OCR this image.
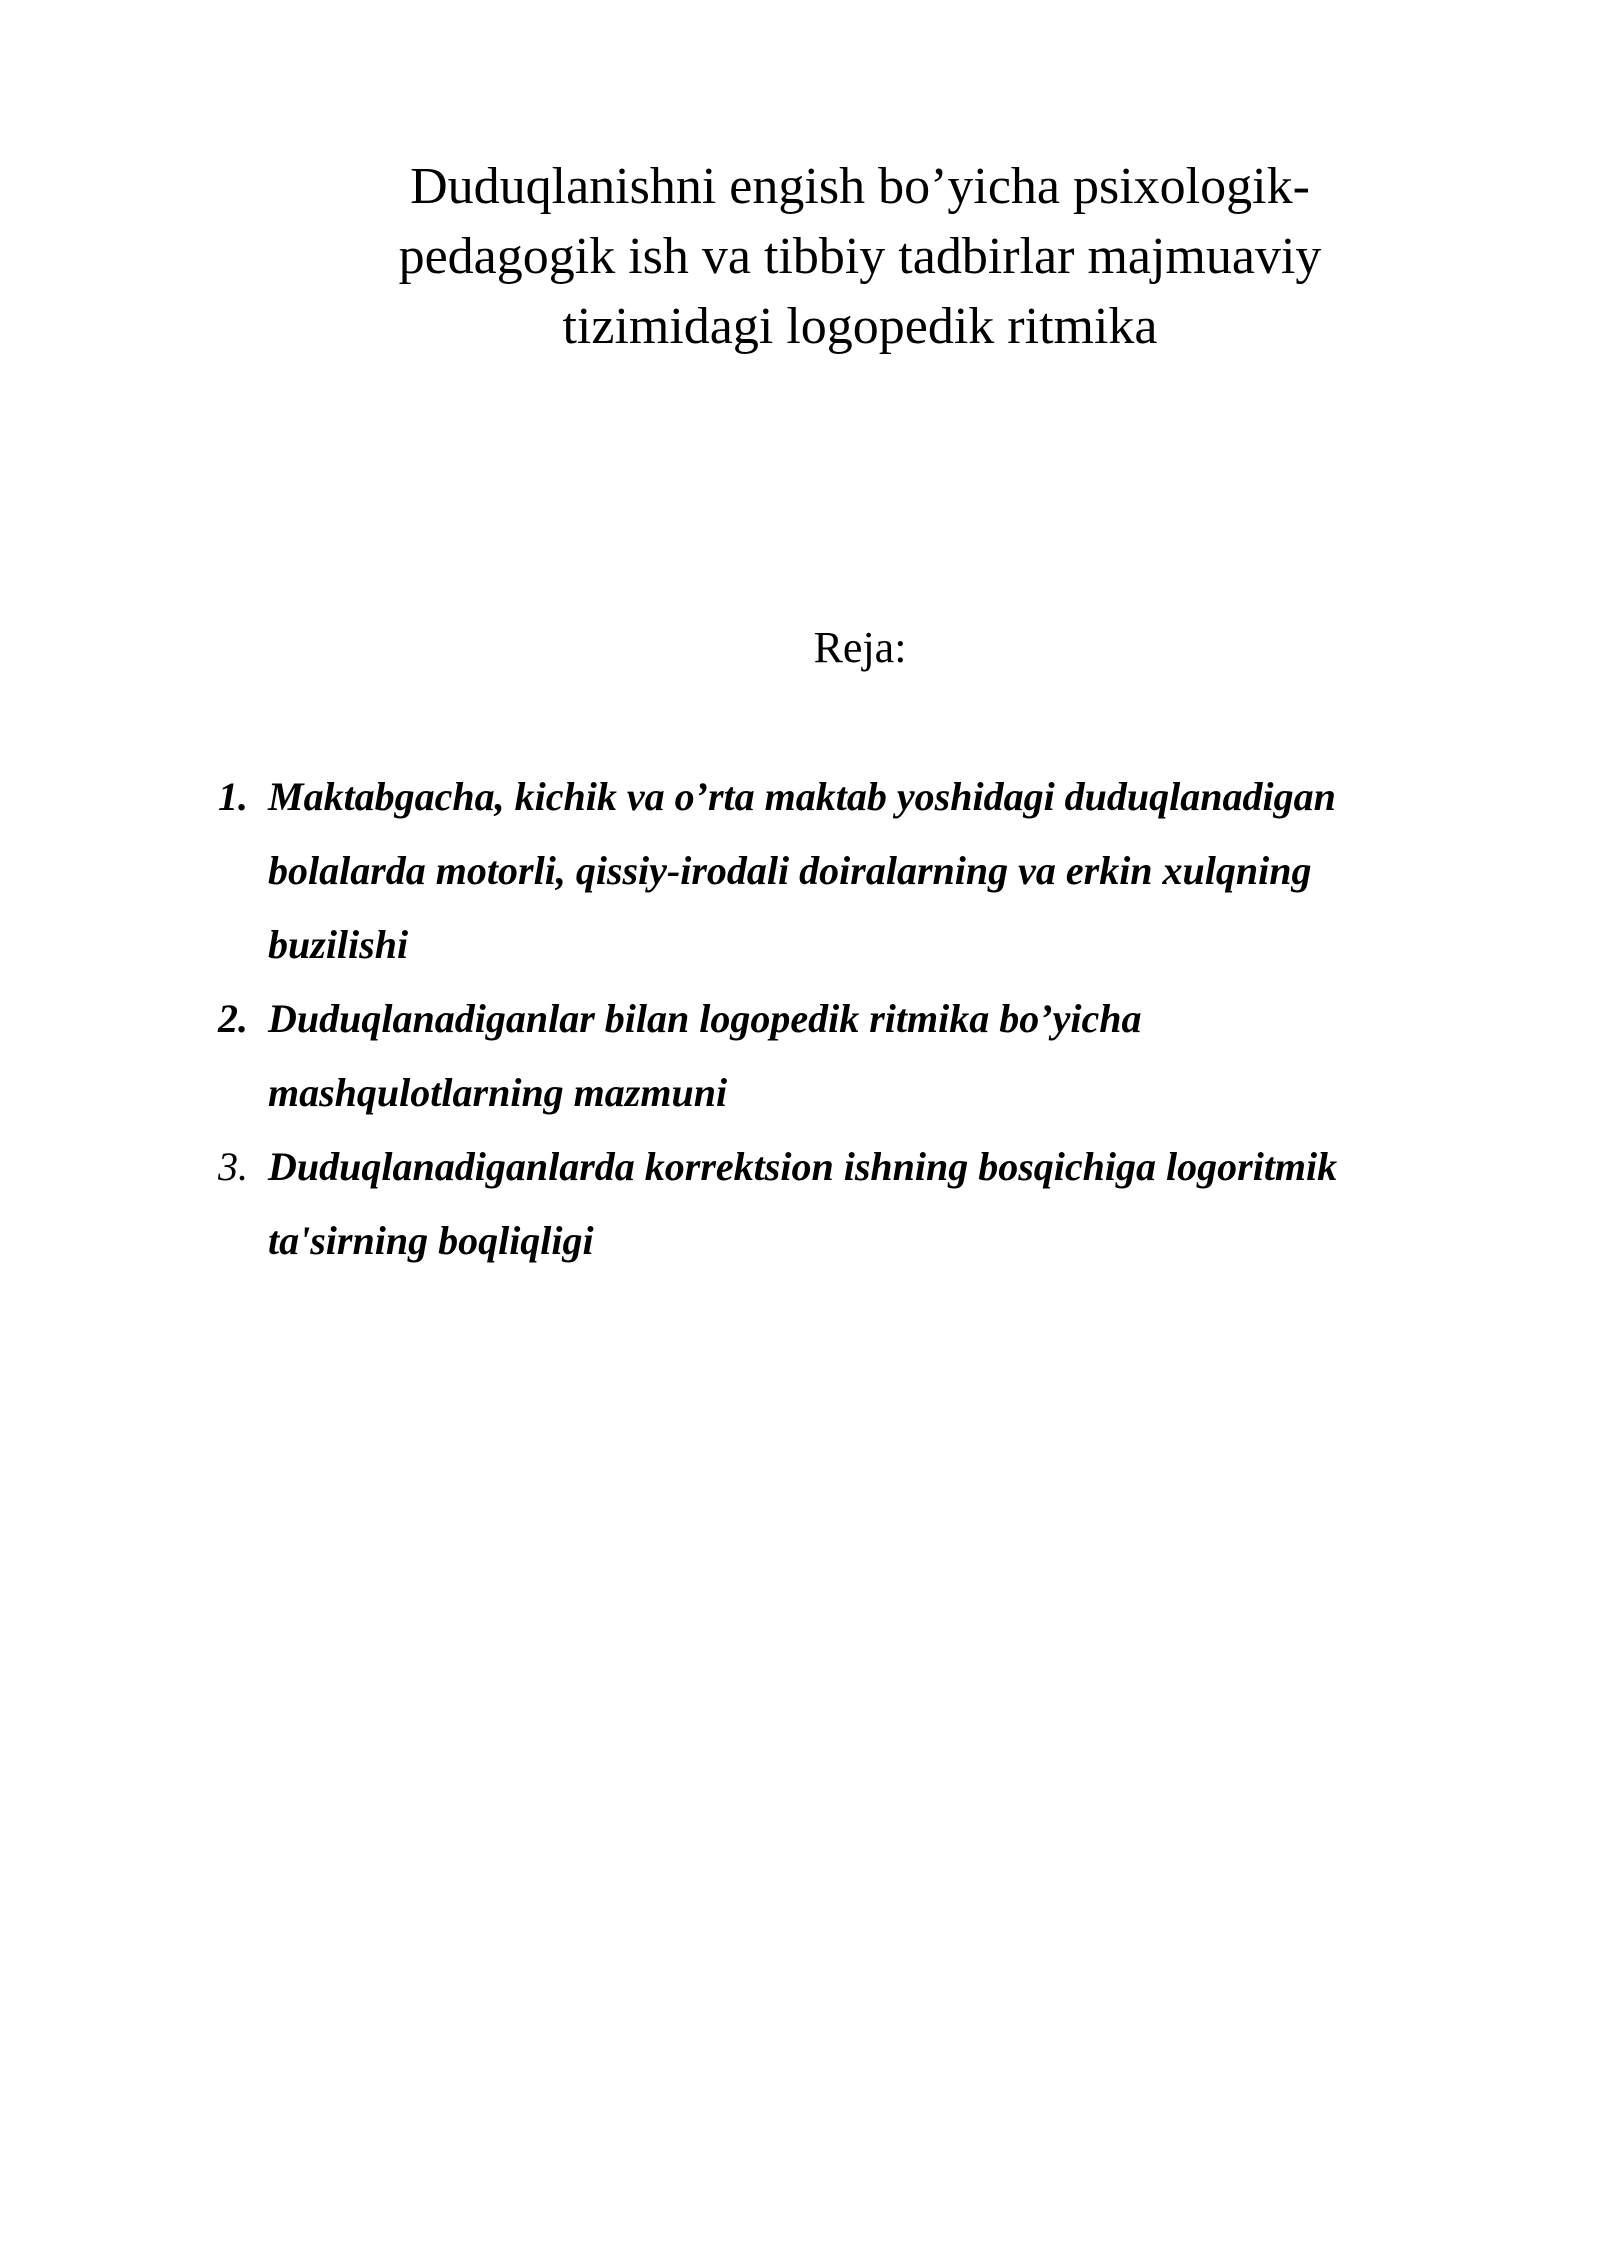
Duduqlanishni engish bo’yicha psixologik-
pedagogik ish va tibbiy tadbirlar majmuaviy
tizimidagi logopedik ritmika

Reja:

1. Maktabgacha, kichik va o’rta maktab yoshidagi duduqlanadigan
bolalarda motorli, qissiy-irodali doiralarning va erkin xulqning
buzilishi
2. Duduqlanadiganlar bilan logopedik ritmika bo’yicha
mashqulotlarning mazmuni
3. Duduqlanadiganlarda korrektsion ishning bosqichiga logoritmik
ta'sirning boqliqligi
